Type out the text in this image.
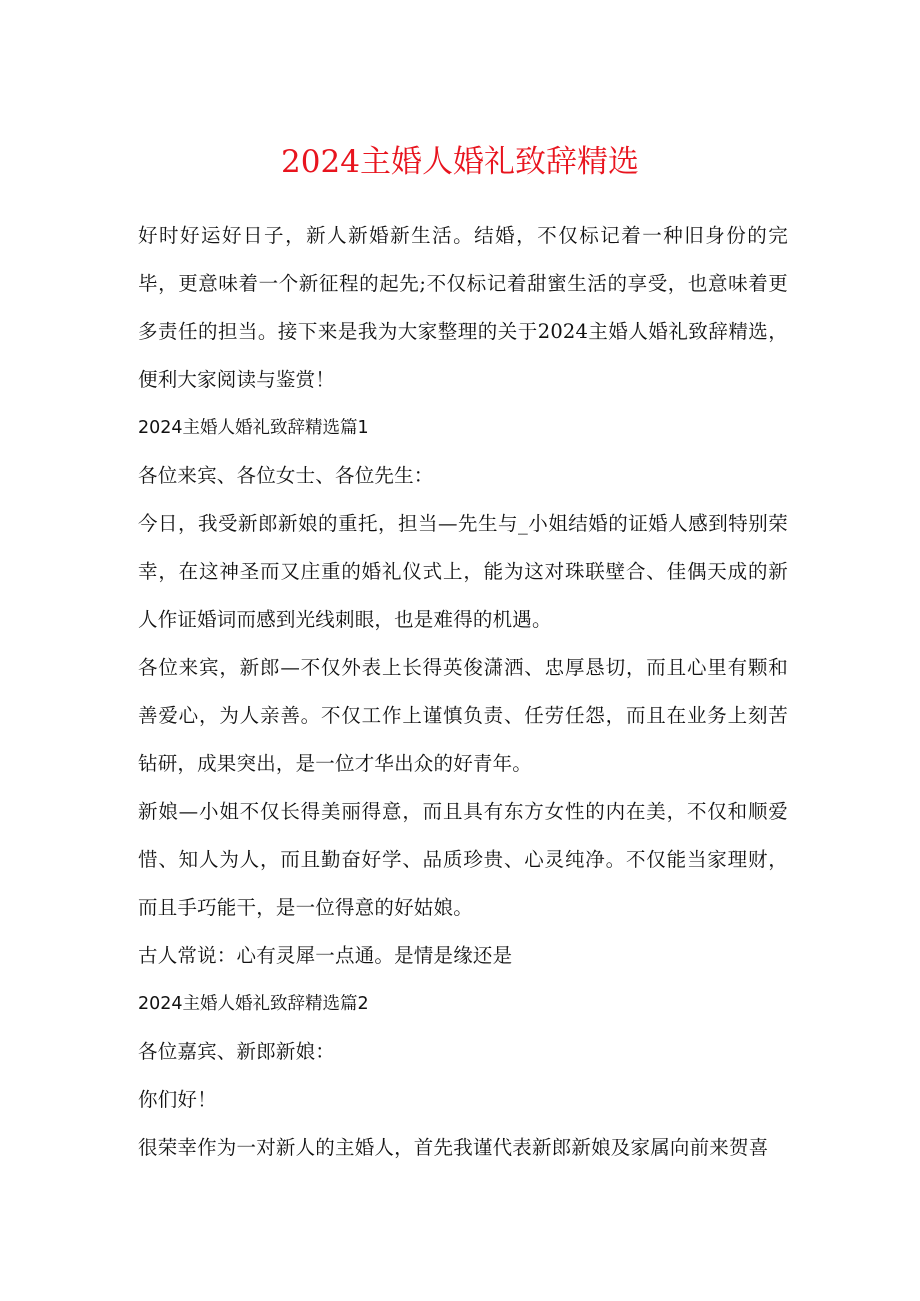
2024主婚人婚礼致辞精选

好时好运好日子，新人新婚新生活。结婚，不仅标记着一种旧身份的完毕，更意味着一个新征程的起先;不仅标记着甜蜜生活的享受，也意味着更多责任的担当。接下来是我为大家整理的关于2024主婚人婚礼致辞精选，便利大家阅读与鉴赏！

2024主婚人婚礼致辞精选篇1

各位来宾、各位女士、各位先生：

今日，我受新郎新娘的重托，担当—先生与_小姐结婚的证婚人感到特别荣幸，在这神圣而又庄重的婚礼仪式上，能为这对珠联壁合、佳偶天成的新人作证婚词而感到光线刺眼，也是难得的机遇。

各位来宾，新郎—不仅外表上长得英俊潇洒、忠厚恳切，而且心里有颗和善爱心，为人亲善。不仅工作上谨慎负责、任劳任怨，而且在业务上刻苦钻研，成果突出，是一位才华出众的好青年。

新娘—小姐不仅长得美丽得意，而且具有东方女性的内在美，不仅和顺爱惜、知人为人，而且勤奋好学、品质珍贵、心灵纯净。不仅能当家理财，而且手巧能干，是一位得意的好姑娘。

古人常说：心有灵犀一点通。是情是缘还是

2024主婚人婚礼致辞精选篇2

各位嘉宾、新郎新娘：

你们好！

很荣幸作为一对新人的主婚人，首先我谨代表新郎新娘及家属向前来贺喜
